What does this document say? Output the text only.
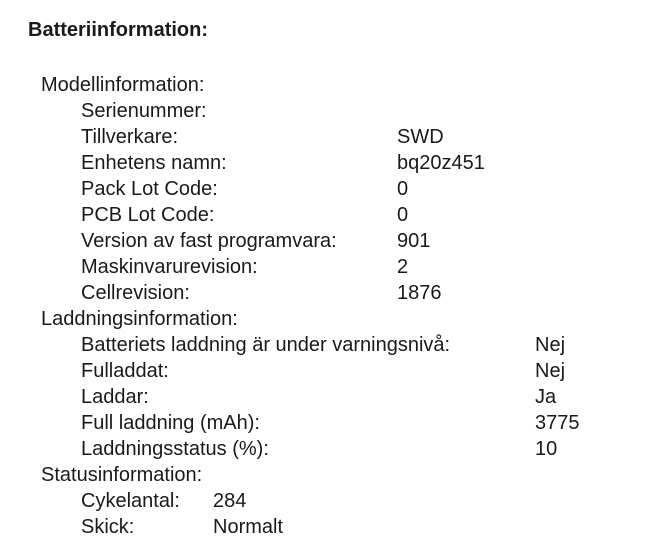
Batteriinformation:
Modellinformation:
Serienummer:
Tillverkare:	SWD
Enhetens namn:	bq20z451
Pack Lot Code:	0
PCB Lot Code:	0
Version av fast programvara:	901
Maskinvarurevision:	2
Cellrevision:	1876
Laddningsinformation:
Batteriets laddning är under varningsnivå:	Nej
Fulladdat:	Nej
Laddar:	Ja
Full laddning (mAh):	3775
Laddningsstatus (%):	10
Statusinformation:
Cykelantal: 284
Skick:	Normalt
